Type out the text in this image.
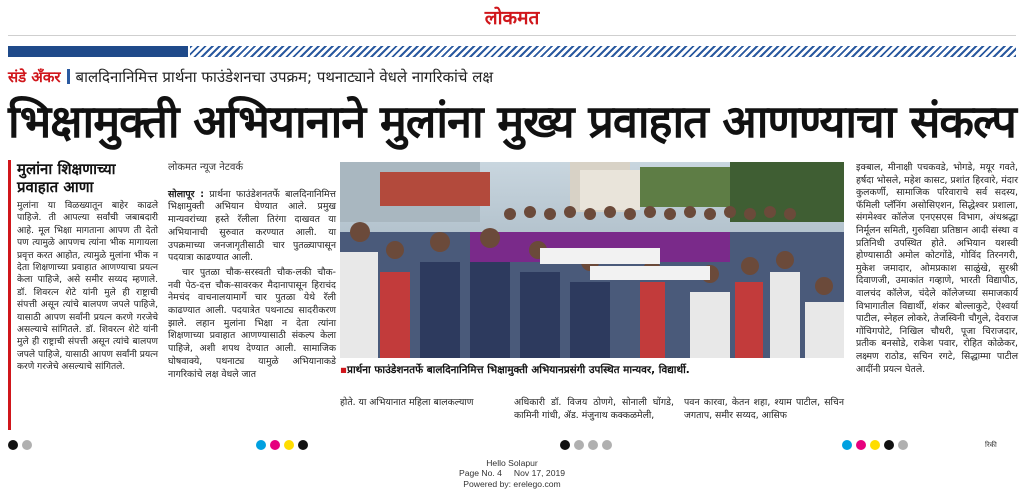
लोकमत
संडे अँकर बालदिनानिमित्त प्रार्थना फाउंडेशनचा उपक्रम; पथनाट्याने वेधले नागरिकांचे लक्ष
भिक्षामुक्ती अभियानाने मुलांना मुख्य प्रवाहात आणण्याचा संकल्प
मुलांना शिक्षणाच्या प्रवाहात आणा
मुलांना या विळख्यातून बाहेर काढले पाहिजे. ती आपल्या सर्वांची जबाबदारी आहे. मूल भिक्षा मागताना आपण ती देतो पण त्यामुळे आपणच त्यांना भीक मागायला प्रवृत्त करत आहोत, त्यामुळे मुलांना भीक न देता शिक्षणाच्या प्रवाहात आणण्याचा प्रयत्न केला पाहिजे, असे समीर सय्यद म्हणाले. डॉ. शिवरत्न शेटे यांनी मुले ही राष्ट्राची संपत्ती असून त्यांचे बालपण जपले पाहिजे, यासाठी आपण सर्वांनी प्रयत्न करणे गरजेचे असल्याचे सांगितले. डॉ. शिवरत्न शेटे यांनी मुले ही राष्ट्राची संपत्ती असून त्यांचे बालपण जपले पाहिजे, यासाठी आपण सर्वांनी प्रयत्न करणे गरजेचे असल्याचे सांगितले.
लोकमत न्यूज नेटवर्क

सोलापूर : प्रार्थना फाउंडेशनतर्फे बालदिनानिमित्त भिक्षामुक्ती अभियान घेण्यात आले. प्रमुख मान्यवरांच्या हस्ते रॅलीला तिरंगा दाखवत या अभियानाची सुरुवात करण्यात आली. या उपक्रमाच्या जनजागृतीसाठी चार पुतळ्यापासून पदयात्रा काढण्यात आली.

चार पुतळा चौक-सरस्वती चौक-लकी चौक-नवी पेठ-दत्त चौक-सावरकर मैदानापासून हिराचंद नेमचंद वाचनालयामार्गे चार पुतळा येथे रॅली काढण्यात आली. पदयात्रेत पथनाट्य सादरीकरण झाले. लहान मुलांना भिक्षा न देता त्यांना शिक्षणाच्या प्रवाहात आणण्यासाठी संकल्प केला पाहिजे, अशी शपथ देण्यात आली. सामाजिक घोषवाक्ये, पथनाट्य यामुळे अभियानाकडे नागरिकांचे लक्ष वेधले जात	▪प्रार्थना फाउंडेशनतर्फे बालदिनानिमित्त भिक्षामुक्ती अभियानप्रसंगी उपस्थित मान्यवर, विद्यार्थी.
होते. या अभियानात महिला बालकल्याण	अधिकारी डॉ. विजय ठोणगे, सोनाली घोंगडे, कामिनी गांधी, ॲड. मंजुनाथ कक्कळमेली,
पवन कारवा, केतन शहा, श्याम पाटील, सचिन जगताप, समीर सय्यद, आसिफ
इक्बाल, मीनाक्षी पचकवडे, भोगडे, मयूर गवते, हर्षदा भोसले, महेश कासट, प्रशांत हिरवारे, मंदार कुलकर्णी, सामाजिक परिवाराचे सर्व सदस्य, फॅमिली प्लॅनिंग असोसिएशन, सिद्धेश्वर प्रशाला, संगमेश्वर कॉलेज एनएसएस विभाग, अंधश्रद्धा निर्मूलन समिती, गुरुविद्या प्रतिष्ठान आदी संस्था व प्रतिनिधी उपस्थित होते. अभियान यशस्वी होण्यासाठी अमोल कोटगोंडे, गोविंद तिरनगरी, मुकेश जमादार, ओमप्रकाश साळुंखे, सुरश्री दिवाणजी, उमाकांत गव्हाणे, भारती विद्यापीठ, वालचंद कॉलेज, चंदेले कॉलेजच्या समाजकार्य विभागातील विद्यार्थी, शंकर बोल्लाकुटे, ऐश्वर्या पाटील, स्नेहल लोकरे, तेजस्विनी चौगुले, देवराज गोंचिगपोटे, निखिल चौधरी, पूजा चिराजदार, प्रतीक बनसोडे, राकेश पवार, रोहित कोळेकर, लक्ष्मण राठोड, सचिन रगटे, सिद्धाम्मा पाटील आदींनी प्रयत्न घेतले.
रिकी
Hello Solapur
Page No. 4     Nov 17, 2019
Powered by: erelego.com
